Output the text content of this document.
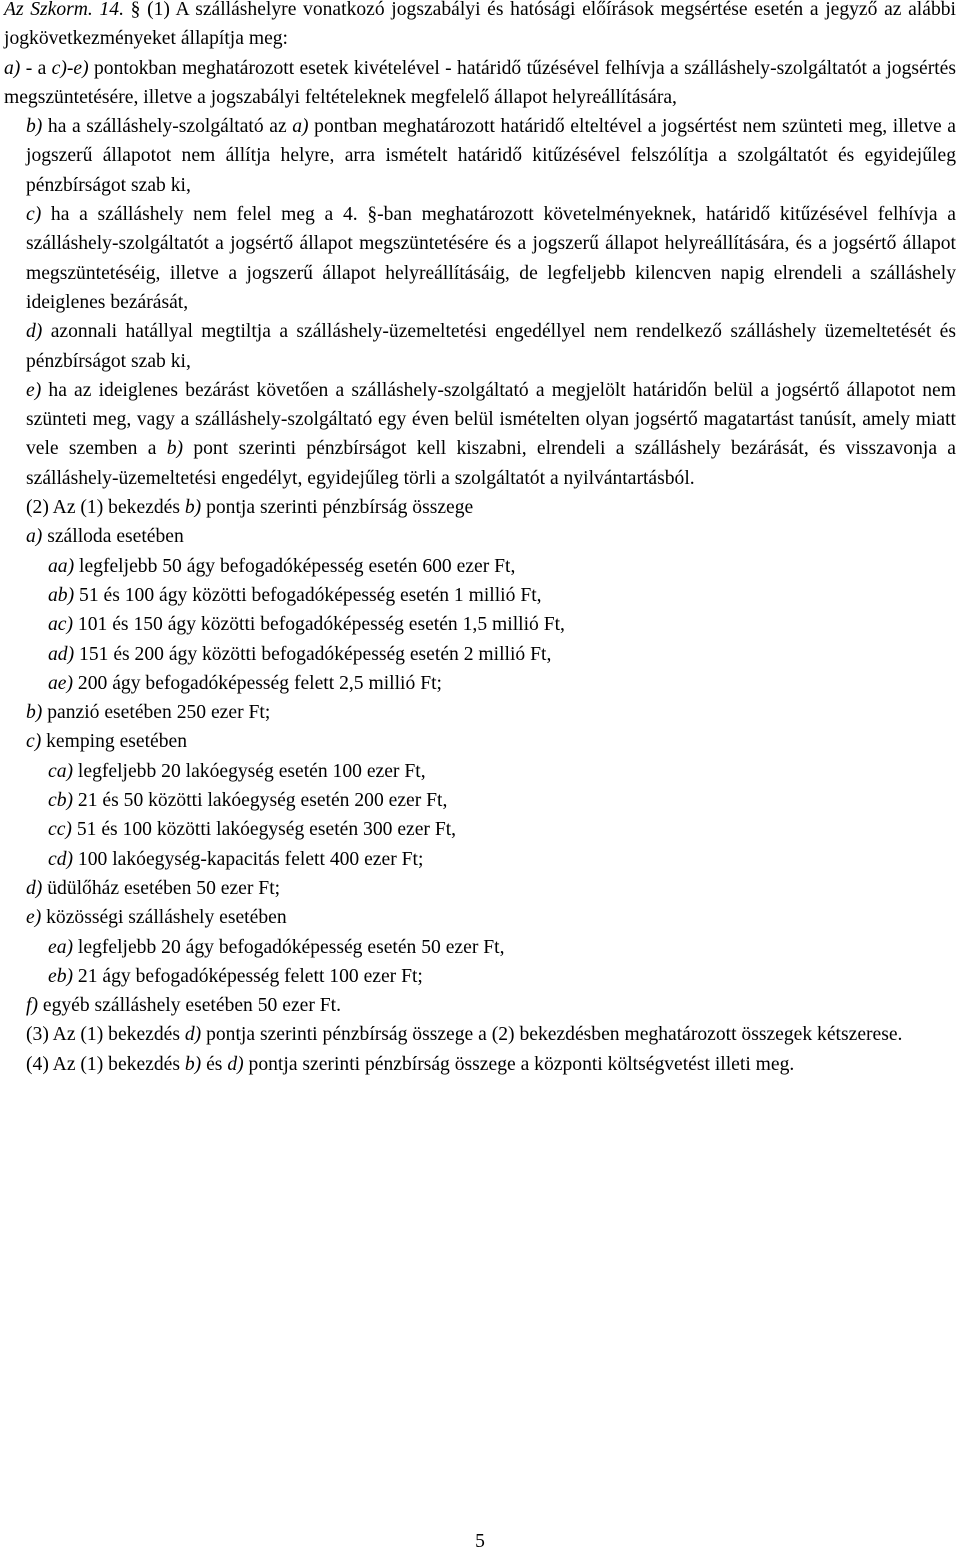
Az Szkorm. 14. § (1) A szálláshelyre vonatkozó jogszabályi és hatósági előírások megsértése esetén a jegyző az alábbi jogkövetkezményeket állapítja meg:

a) - a c)-e) pontokban meghatározott esetek kivételével - határidő tűzésével felhívja a szálláshely-szolgáltatót a jogsértés megszüntetésére, illetve a jogszabályi feltételeknek megfelelő állapot helyreállítására,

b) ha a szálláshely-szolgáltató az a) pontban meghatározott határidő elteltével a jogsértést nem szünteti meg, illetve a jogszerű állapotot nem állítja helyre, arra ismételt határidő kitűzésével felszólítja a szolgáltatót és egyidejűleg pénzbírságot szab ki,

c) ha a szálláshely nem felel meg a 4. §-ban meghatározott követelményeknek, határidő kitűzésével felhívja a szálláshely-szolgáltatót a jogsértő állapot megszüntetésére és a jogszerű állapot helyreállítására, és a jogsértő állapot megszüntetéséig, illetve a jogszerű állapot helyreállításáig, de legfeljebb kilencven napig elrendeli a szálláshely ideiglenes bezárását,

d) azonnali hatállyal megtiltja a szálláshely-üzemeltetési engedéllyel nem rendelkező szálláshely üzemeltetését és pénzbírságot szab ki,

e) ha az ideiglenes bezárást követően a szálláshely-szolgáltató a megjelölt határidőn belül a jogsértő állapotot nem szünteti meg, vagy a szálláshely-szolgáltató egy éven belül ismételten olyan jogsértő magatartást tanúsít, amely miatt vele szemben a b) pont szerinti pénzbírságot kell kiszabni, elrendeli a szálláshely bezárását, és visszavonja a szálláshely-üzemeltetési engedélyt, egyidejűleg törli a szolgáltatót a nyilvántartásból.

(2) Az (1) bekezdés b) pontja szerinti pénzbírság összege

a) szálloda esetében

aa) legfeljebb 50 ágy befogadóképesség esetén 600 ezer Ft,

ab) 51 és 100 ágy közötti befogadóképesség esetén 1 millió Ft,

ac) 101 és 150 ágy közötti befogadóképesség esetén 1,5 millió Ft,

ad) 151 és 200 ágy közötti befogadóképesség esetén 2 millió Ft,

ae) 200 ágy befogadóképesség felett 2,5 millió Ft;

b) panzió esetében 250 ezer Ft;

c) kemping esetében

ca) legfeljebb 20 lakóegység esetén 100 ezer Ft,

cb) 21 és 50 közötti lakóegység esetén 200 ezer Ft,

cc) 51 és 100 közötti lakóegység esetén 300 ezer Ft,

cd) 100 lakóegység-kapacitás felett 400 ezer Ft;

d) üdülőház esetében 50 ezer Ft;

e) közösségi szálláshely esetében

ea) legfeljebb 20 ágy befogadóképesség esetén 50 ezer Ft,

eb) 21 ágy befogadóképesség felett 100 ezer Ft;

f) egyéb szálláshely esetében 50 ezer Ft.

(3) Az (1) bekezdés d) pontja szerinti pénzbírság összege a (2) bekezdésben meghatározott összegek kétszerese.

(4) Az (1) bekezdés b) és d) pontja szerinti pénzbírság összege a központi költségvetést illeti meg.

5
